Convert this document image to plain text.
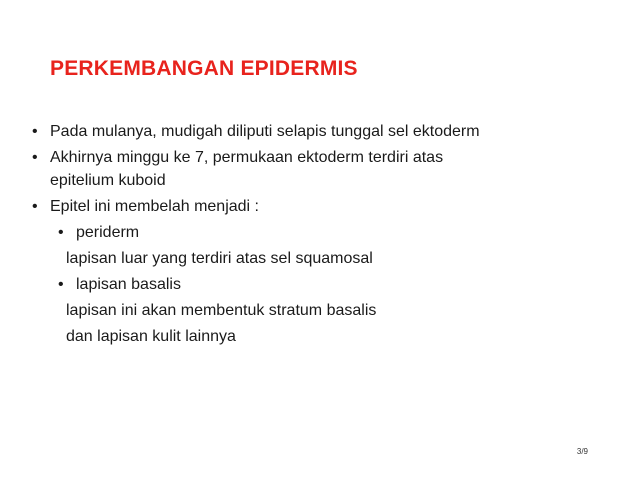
PERKEMBANGAN EPIDERMIS
• Pada mulanya, mudigah diliputi selapis tunggal sel ektoderm
• Akhirnya minggu ke 7, permukaan ektoderm terdiri atas
epitelium kuboid
• Epitel ini membelah menjadi :
• periderm
lapisan luar yang terdiri atas sel squamosal
• lapisan basalis
lapisan ini akan membentuk stratum basalis
dan lapisan kulit lainnya
3/9
